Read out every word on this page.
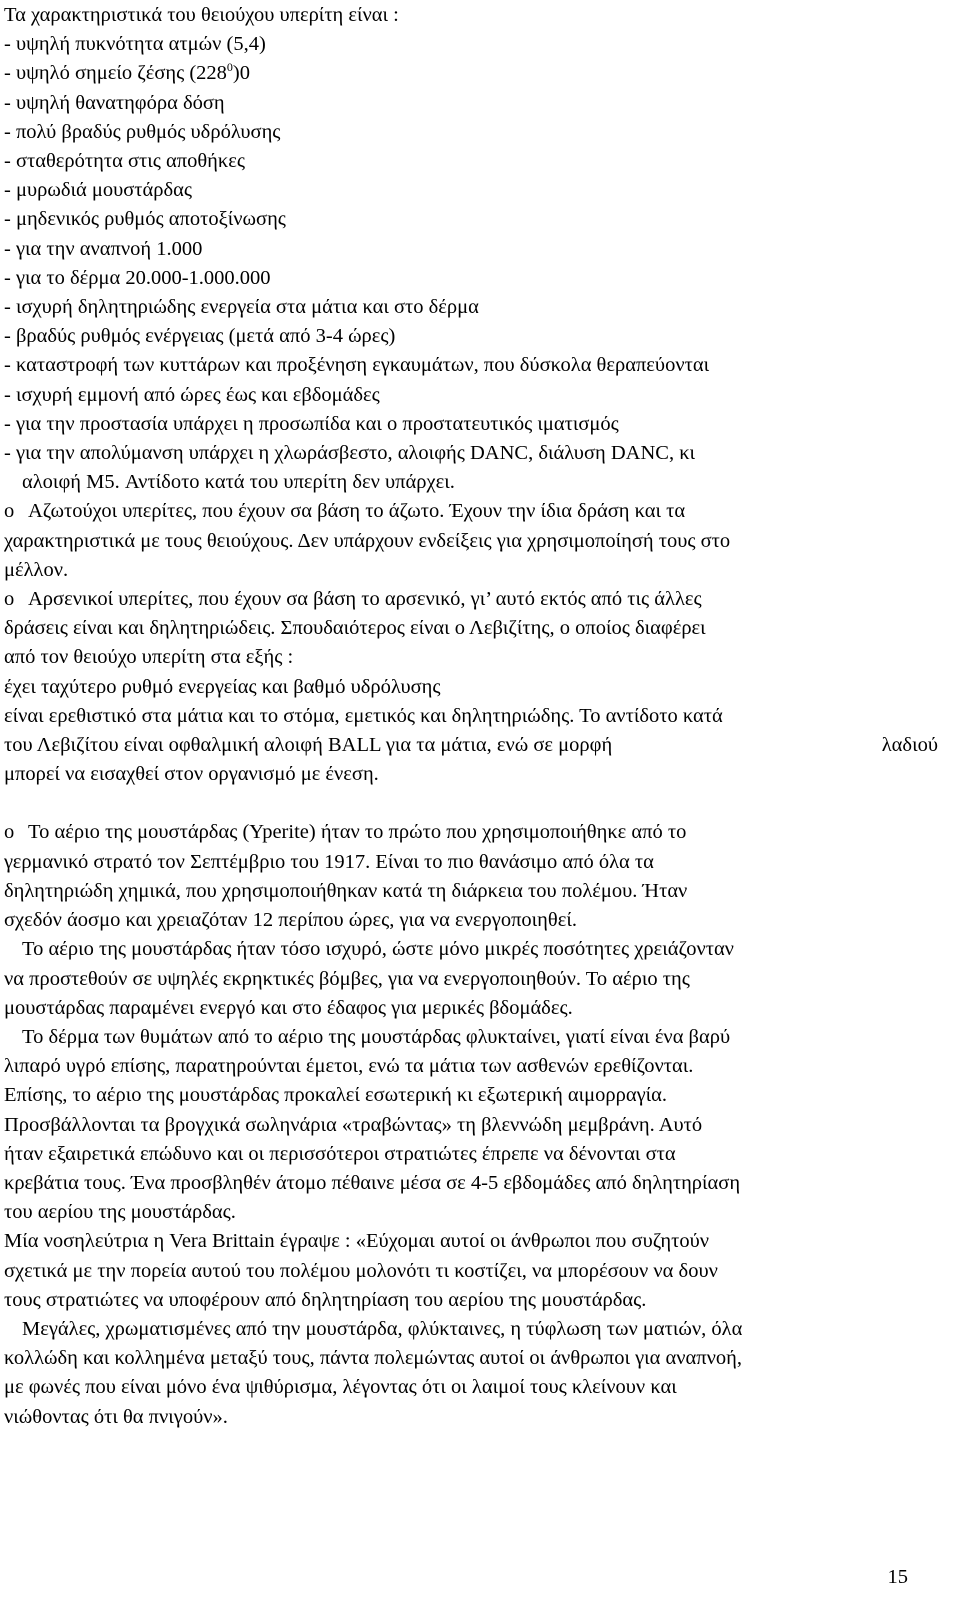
Τα χαρακτηριστικά του θειούχου υπερίτη είναι :
- υψηλή πυκνότητα ατμών (5,4)
- υψηλό σημείο ζέσης $(228^0)0$
- υψηλή θανατηφόρα δόση
- πολύ βραδύς ρυθμός υδρόλυσης
- σταθερότητα στις αποθήκες
- μυρωδιά μουστάρδας
- μηδενικός ρυθμός αποτοξίνωσης
- για την αναπνοή 1.000
- για το δέρμα 20.000-1.000.000
- ισχυρή δηλητηριώδης ενεργεία στα μάτια και στο δέρμα
- βραδύς ρυθμός ενέργειας (μετά από 3-4 ώρες)
- καταστροφή των κυττάρων και προξένηση εγκαυμάτων, που δύσκολα θεραπεύονται
- ισχυρή εμμονή από ώρες έως και εβδομάδες
- για την προστασία υπάρχει η προσωπίδα και ο προστατευτικός ιματισμός
- για την απολύμανση υπάρχει η χλωράσβεστο, αλοιφής DANC, διάλυση DANC, κι
αλοιφή M5. Αντίδοτο κατά του υπερίτη δεν υπάρχει.

o Αζωτούχοι υπερίτες, που έχουν σα βάση το άζωτο. Έχουν την ίδια δράση και τα
χαρακτηριστικά με τους θειούχους. Δεν υπάρχουν ενδείξεις για χρησιμοποίησή τους στο
μέλλον.

o Αρσενικοί υπερίτες, που έχουν σα βάση το αρσενικό, γι’ αυτό εκτός από τις άλλες
δράσεις είναι και δηλητηριώδεις. Σπουδαιότερος είναι ο Λεβιζίτης, ο οποίος διαφέρει
από τον θειούχο υπερίτη στα εξής :
έχει ταχύτερο ρυθμό ενεργείας και βαθμό υδρόλυσης
είναι ερεθιστικό στα μάτια και το στόμα, εμετικός και δηλητηριώδης. Το αντίδοτο κατά
του Λεβιζίτου είναι οφθαλμική αλοιφή BALL για τα μάτια, ενώ σε μορφή	λαδιού
μπορεί να εισαχθεί στον οργανισμό με ένεση.

o Το αέριο της μουστάρδας (Yperite) ήταν το πρώτο που χρησιμοποιήθηκε από το
γερμανικό στρατό τον Σεπτέμβριο του 1917. Είναι το πιο θανάσιμο από όλα τα
δηλητηριώδη χημικά, που χρησιμοποιήθηκαν κατά τη διάρκεια του πολέμου. Ήταν
σχεδόν άοσμο και χρειαζόταν 12 περίπου ώρες, για να ενεργοποιηθεί.

Το αέριο της μουστάρδας ήταν τόσο ισχυρό, ώστε μόνο μικρές ποσότητες χρειάζονταν
να προστεθούν σε υψηλές εκρηκτικές βόμβες, για να ενεργοποιηθούν. Το αέριο της
μουστάρδας παραμένει ενεργό και στο έδαφος για μερικές βδομάδες.

Το δέρμα των θυμάτων από το αέριο της μουστάρδας φλυκταίνει, γιατί είναι ένα βαρύ
λιπαρό υγρό επίσης, παρατηρούνται έμετοι, ενώ τα μάτια των ασθενών ερεθίζονται.
Επίσης, το αέριο της μουστάρδας προκαλεί εσωτερική κι εξωτερική αιμορραγία.
Προσβάλλονται τα βρογχικά σωληνάρια «τραβώντας» τη βλεννώδη μεμβράνη. Αυτό
ήταν εξαιρετικά επώδυνο και οι περισσότεροι στρατιώτες έπρεπε να δένονται στα
κρεβάτια τους. Ένα προσβληθέν άτομο πέθαινε μέσα σε 4-5 εβδομάδες από δηλητηρίαση
του αερίου της μουστάρδας.

Μία νοσηλεύτρια η Vera Brittain έγραψε : «Εύχομαι αυτοί οι άνθρωποι που συζητούν
σχετικά με την πορεία αυτού του πολέμου μολονότι τι κοστίζει, να μπορέσουν να δουν
τους στρατιώτες να υποφέρουν από δηλητηρίαση του αερίου της μουστάρδας.

Μεγάλες, χρωματισμένες από την μουστάρδα, φλύκταινες, η τύφλωση των ματιών, όλα
κολλώδη και κολλημένα μεταξύ τους, πάντα πολεμώντας αυτοί οι άνθρωποι για αναπνοή,
με φωνές που είναι μόνο ένα ψιθύρισμα, λέγοντας ότι οι λαιμοί τους κλείνουν και
νιώθοντας ότι θα πνιγούν».

15
